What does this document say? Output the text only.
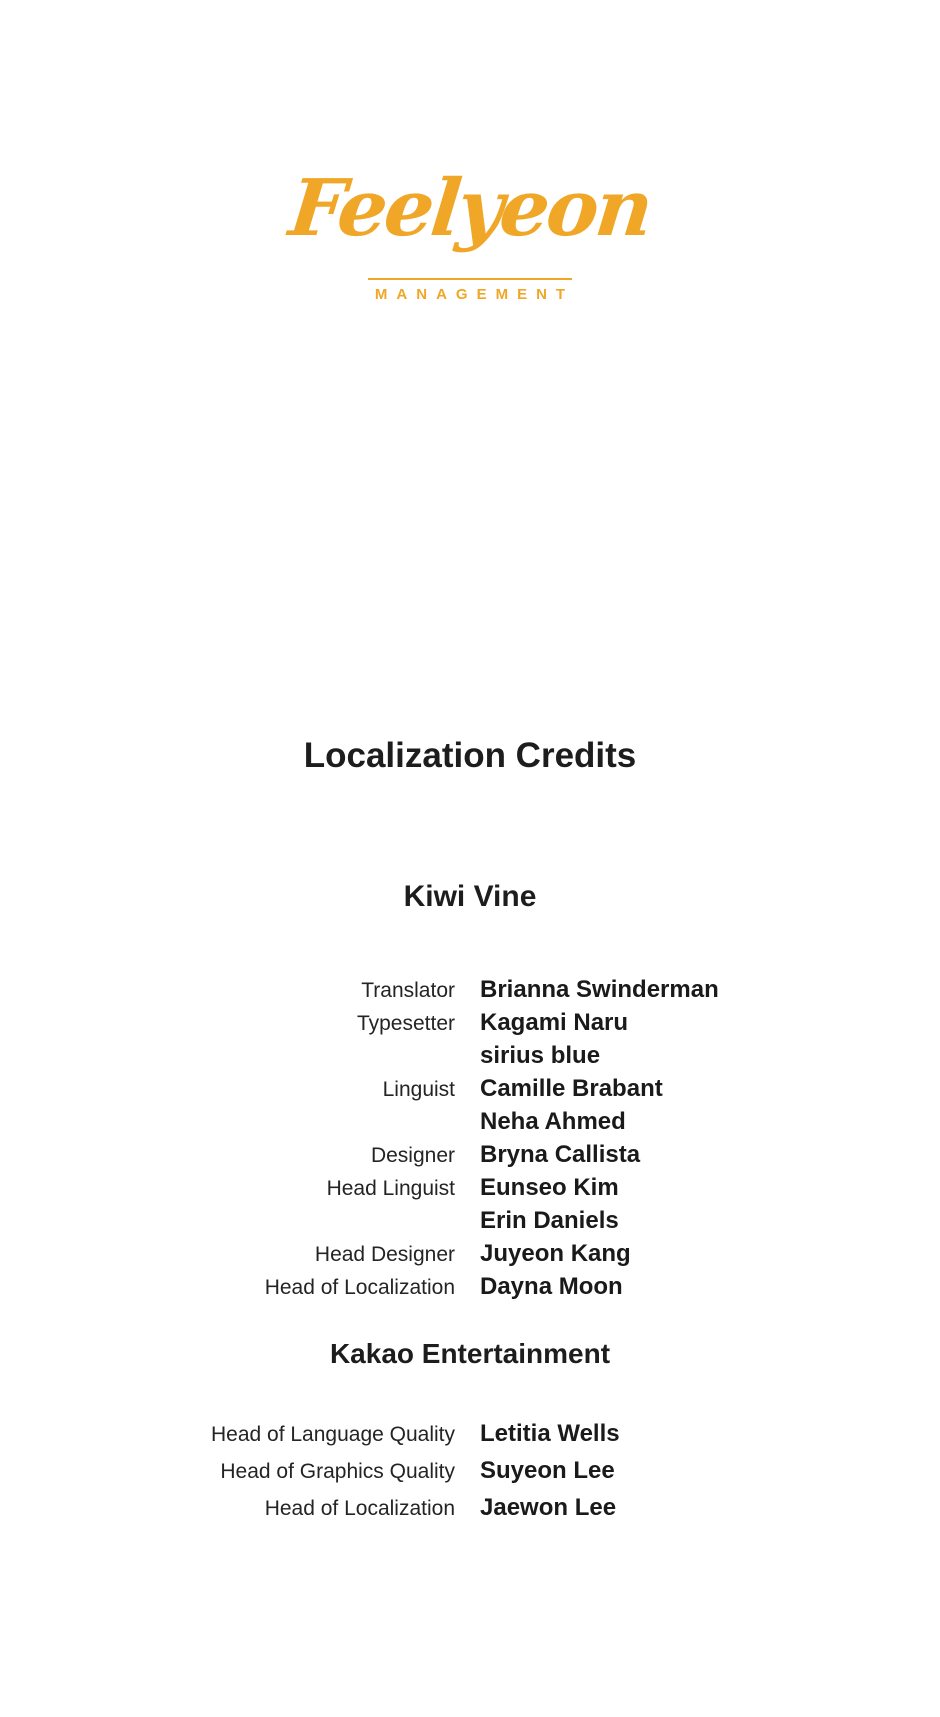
Feelyeon
MANAGEMENT
Localization Credits
Kiwi Vine
Translator Brianna Swinderman
Typesetter Kagami Naru
sirius blue
Linguist Camille Brabant
Neha Ahmed
Designer Bryna Callista
Head Linguist Eunseo Kim
Erin Daniels
Head Designer Juyeon Kang
Head of Localization Dayna Moon
Kakao Entertainment
Head of Language Quality Letitia Wells
Head of Graphics Quality Suyeon Lee
Head of Localization Jaewon Lee
